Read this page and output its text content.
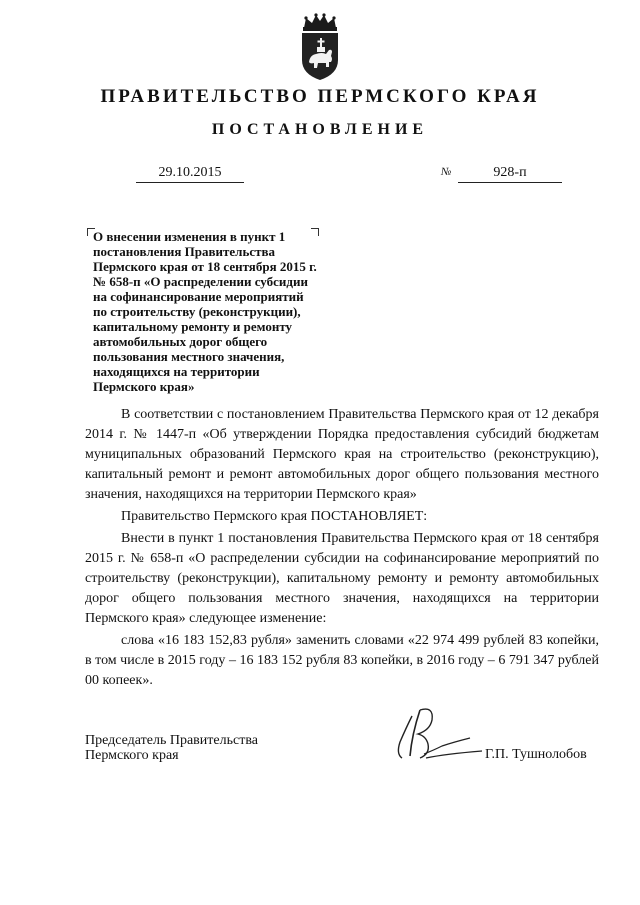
ПРАВИТЕЛЬСТВО ПЕРМСКОГО КРАЯ
ПОСТАНОВЛЕНИЕ
29.10.2015	№	928-п
О внесении изменения в пункт 1
постановления Правительства
Пермского края от 18 сентября 2015 г.
№ 658-п «О распределении субсидии
на софинансирование мероприятий
по строительству (реконструкции),
капитальному ремонту и ремонту
автомобильных дорог общего
пользования местного значения,
находящихся на территории
Пермского края»

В соответствии с постановлением Правительства Пермского края от 12 декабря 2014 г. № 1447-п «Об утверждении Порядка предоставления субсидий бюджетам муниципальных образований Пермского края на строительство (реконструкцию), капитальный ремонт и ремонт автомобильных дорог общего пользования местного значения, находящихся на территории Пермского края»

Правительство Пермского края ПОСТАНОВЛЯЕТ:

Внести в пункт 1 постановления Правительства Пермского края от 18 сентября 2015 г. № 658-п «О распределении субсидии на софинансирование мероприятий по строительству (реконструкции), капитальному ремонту и ремонту автомобильных дорог общего пользования местного значения, находящихся на территории Пермского края» следующее изменение:

слова «16 183 152,83 рубля» заменить словами «22 974 499 рублей 83 копейки, в том числе в 2015 году – 16 183 152 рубля 83 копейки, в 2016 году – 6 791 347 рублей 00 копеек».

Председатель Правительства
Пермского края	Г.П. Тушнолобов
